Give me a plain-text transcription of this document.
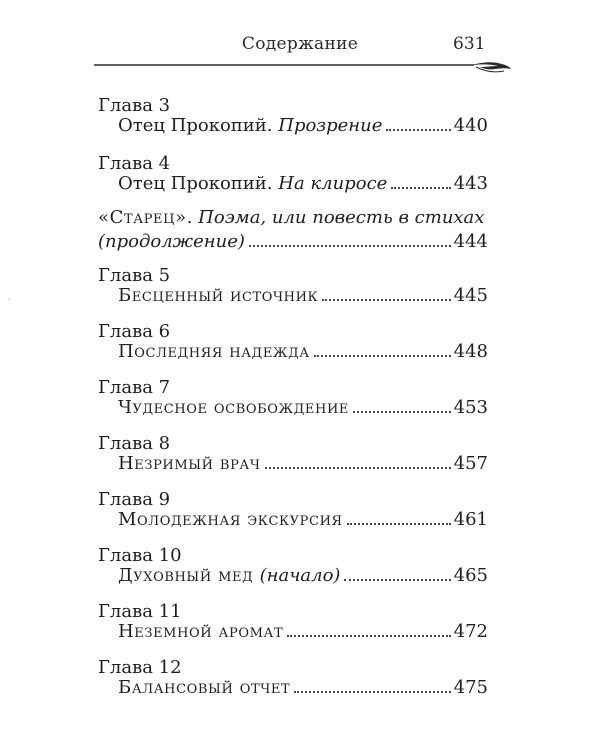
Содержание	631
Глава 3
Отец Прокопий. Прозрение	440
Глава 4
Отец Прокопий. На клиросе	443
«Старец». Поэма, или повесть в стихах
(продолжение)	444
Глава 5
Бесценный источник	445
Глава 6
Последняя надежда	448
Глава 7
Чудесное освобождение	453
Глава 8
Незримый врач	457
Глава 9
Молодежная экскурсия	461
Глава 10
Духовный мед (начало)	465
Глава 11
Неземной аромат	472
Глава 12
Балансовый отчет	475
